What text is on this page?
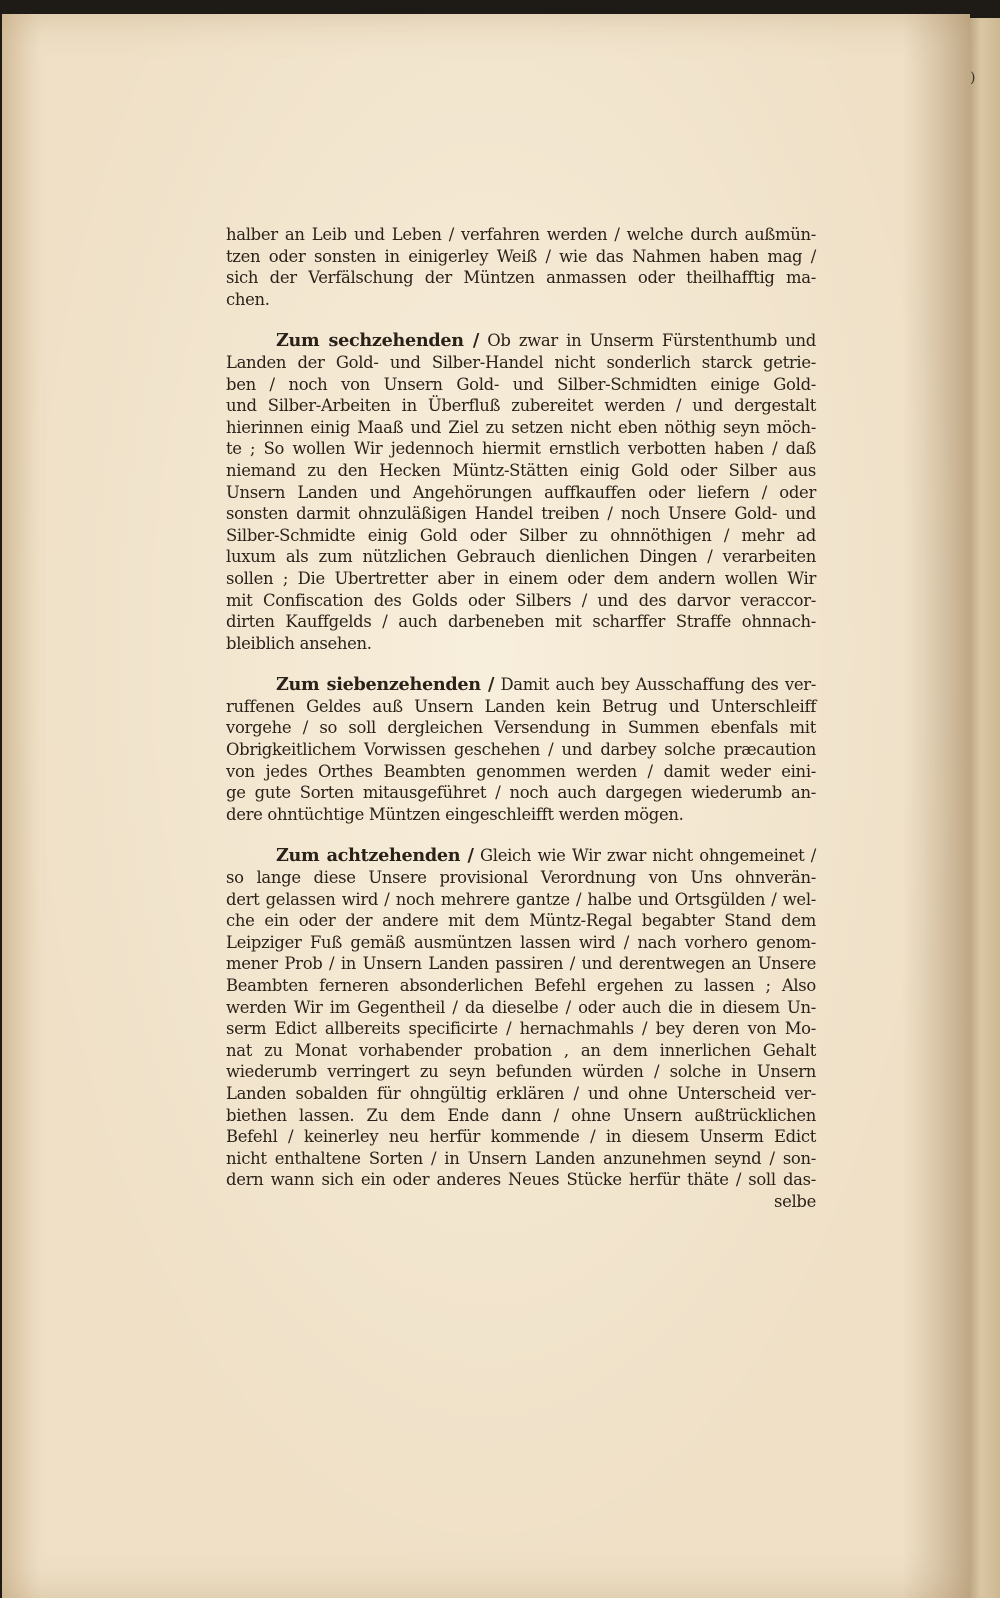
)
halber an Leib und Leben / verfahren werden / welche durch außmün-
tzen oder sonsten in einigerley Weiß / wie das Nahmen haben mag /
sich der Verfälschung der Müntzen anmassen oder theilhafftig ma-
chen.
Zum sechzehenden / Ob zwar in Unserm Fürstenthumb und
Landen der Gold- und Silber-Handel nicht sonderlich starck getrie-
ben / noch von Unsern Gold- und Silber-Schmidten einige Gold-
und Silber-Arbeiten in Überfluß zubereitet werden / und dergestalt
hierinnen einig Maaß und Ziel zu setzen nicht eben nöthig seyn möch-
te ; So wollen Wir jedennoch hiermit ernstlich verbotten haben / daß
niemand zu den Hecken Müntz-Stätten einig Gold oder Silber aus
Unsern Landen und Angehörungen auffkauffen oder liefern / oder
sonsten darmit ohnzuläßigen Handel treiben / noch Unsere Gold- und
Silber-Schmidte einig Gold oder Silber zu ohnnöthigen / mehr ad
luxum als zum nützlichen Gebrauch dienlichen Dingen / verarbeiten
sollen ; Die Ubertretter aber in einem oder dem andern wollen Wir
mit Confiscation des Golds oder Silbers / und des darvor veraccor-
dirten Kauffgelds / auch darbeneben mit scharffer Straffe ohnnach-
bleiblich ansehen.
Zum siebenzehenden / Damit auch bey Ausschaffung des ver-
ruffenen Geldes auß Unsern Landen kein Betrug und Unterschleiff
vorgehe / so soll dergleichen Versendung in Summen ebenfals mit
Obrigkeitlichem Vorwissen geschehen / und darbey solche præcaution
von jedes Orthes Beambten genommen werden / damit weder eini-
ge gute Sorten mitausgeführet / noch auch dargegen wiederumb an-
dere ohntüchtige Müntzen eingeschleifft werden mögen.
Zum achtzehenden / Gleich wie Wir zwar nicht ohngemeinet /
so lange diese Unsere provisional Verordnung von Uns ohnverän-
dert gelassen wird / noch mehrere gantze / halbe und Ortsgülden / wel-
che ein oder der andere mit dem Müntz-Regal begabter Stand dem
Leipziger Fuß gemäß ausmüntzen lassen wird / nach vorhero genom-
mener Prob / in Unsern Landen passiren / und derentwegen an Unsere
Beambten ferneren absonderlichen Befehl ergehen zu lassen ; Also
werden Wir im Gegentheil / da dieselbe / oder auch die in diesem Un-
serm Edict allbereits specificirte / hernachmahls / bey deren von Mo-
nat zu Monat vorhabender probation , an dem innerlichen Gehalt
wiederumb verringert zu seyn befunden würden / solche in Unsern
Landen sobalden für ohngültig erklären / und ohne Unterscheid ver-
biethen lassen. Zu dem Ende dann / ohne Unsern außtrücklichen
Befehl / keinerley neu herfür kommende / in diesem Unserm Edict
nicht enthaltene Sorten / in Unsern Landen anzunehmen seynd / son-
dern wann sich ein oder anderes Neues Stücke herfür thäte / soll das-
selbe
